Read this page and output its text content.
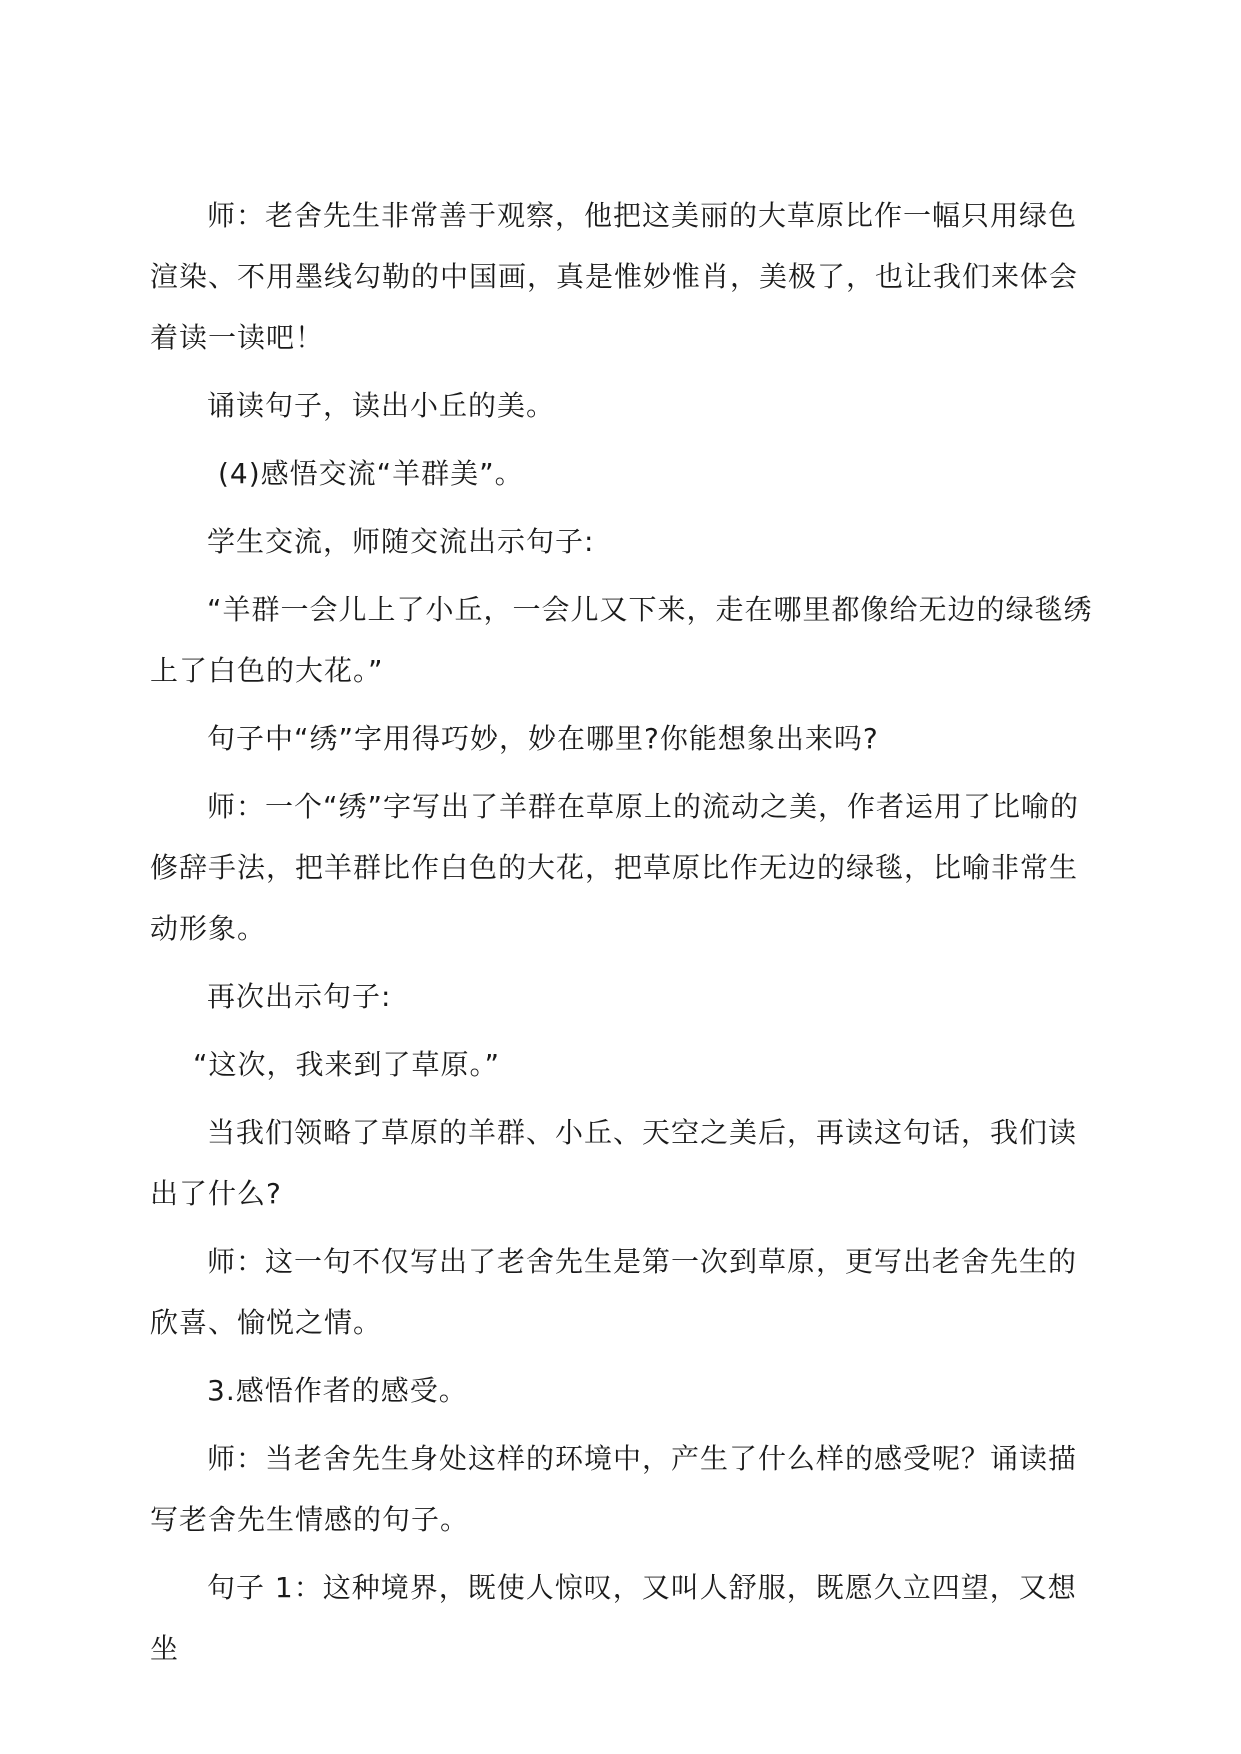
师：老舍先生非常善于观察，他把这美丽的大草原比作一幅只用绿色渲染、不用墨线勾勒的中国画，真是惟妙惟肖，美极了，也让我们来体会着读一读吧！

诵读句子，读出小丘的美。

(4)感悟交流“羊群美”。

学生交流，师随交流出示句子:

“羊群一会儿上了小丘，一会儿又下来，走在哪里都像给无边的绿毯绣上了白色的大花。”

句子中“绣”字用得巧妙，妙在哪里?你能想象出来吗?

师：一个“绣”字写出了羊群在草原上的流动之美，作者运用了比喻的修辞手法，把羊群比作白色的大花，把草原比作无边的绿毯，比喻非常生动形象。

再次出示句子:

“这次，我来到了草原。”

当我们领略了草原的羊群、小丘、天空之美后，再读这句话，我们读出了什么?

师：这一句不仅写出了老舍先生是第一次到草原，更写出老舍先生的欣喜、愉悦之情。

3.感悟作者的感受。

师：当老舍先生身处这样的环境中，产生了什么样的感受呢？诵读描写老舍先生情感的句子。

句子 1：这种境界，既使人惊叹，又叫人舒服，既愿久立四望，又想坐
